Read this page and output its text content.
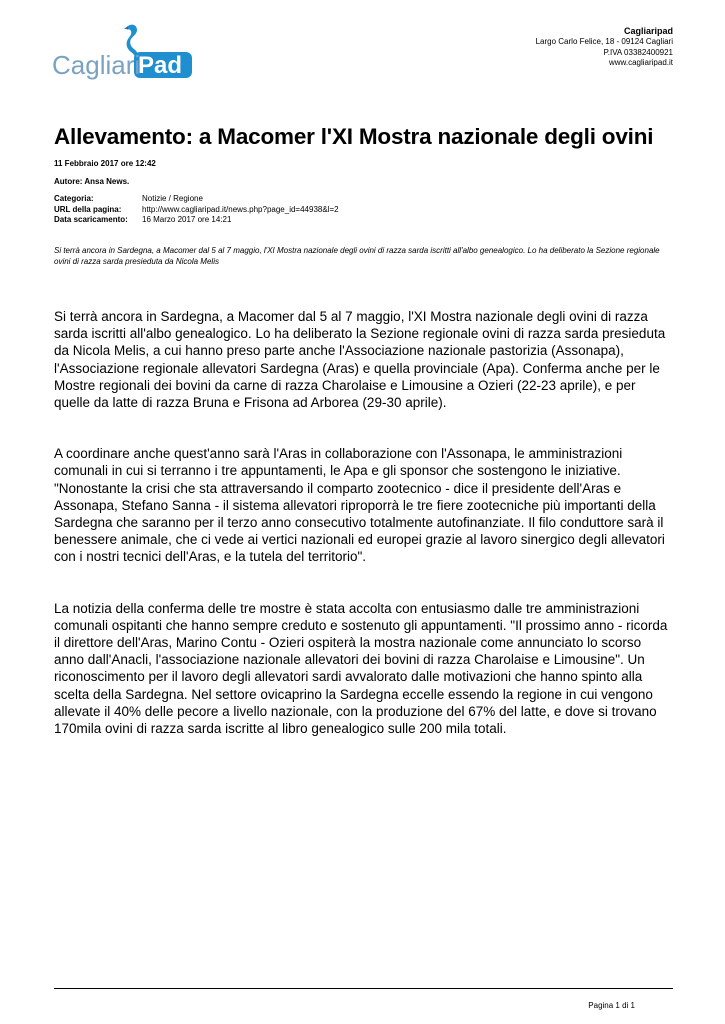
Cagliari
Pad
Cagliaripad
Largo Carlo Felice, 18 - 09124 Cagliari
P.IVA 03382400921
www.cagliaripad.it
Allevamento: a Macomer l'XI Mostra nazionale degli ovini
11 Febbraio 2017 ore 12:42
Autore: Ansa News.
Categoria:	Notizie / Regione
URL della pagina:	http://www.cagliaripad.it/news.php?page_id=44938&l=2
Data scaricamento:	16 Marzo 2017 ore 14:21
Si terrà ancora in Sardegna, a Macomer dal 5 al 7 maggio, l'XI Mostra nazionale degli ovini di razza sarda iscritti all'albo genealogico. Lo ha deliberato la Sezione regionale ovini di razza sarda presieduta da Nicola Melis

Si terrà ancora in Sardegna, a Macomer dal 5 al 7 maggio, l'XI Mostra nazionale degli ovini di razza sarda iscritti all'albo genealogico. Lo ha deliberato la Sezione regionale ovini di razza sarda presieduta da Nicola Melis, a cui hanno preso parte anche l'Associazione nazionale pastorizia (Assonapa), l'Associazione regionale allevatori Sardegna (Aras) e quella provinciale (Apa). Conferma anche per le Mostre regionali dei bovini da carne di razza Charolaise e Limousine a Ozieri (22-23 aprile), e per quelle da latte di razza Bruna e Frisona ad Arborea (29-30 aprile).

A coordinare anche quest'anno sarà l'Aras in collaborazione con l'Assonapa, le amministrazioni comunali in cui si terranno i tre appuntamenti, le Apa e gli sponsor che sostengono le iniziative. "Nonostante la crisi che sta attraversando il comparto zootecnico - dice il presidente dell'Aras e Assonapa, Stefano Sanna - il sistema allevatori riproporrà le tre fiere zootecniche più importanti della Sardegna che saranno per il terzo anno consecutivo totalmente autofinanziate. Il filo conduttore sarà il benessere animale, che ci vede ai vertici nazionali ed europei grazie al lavoro sinergico degli allevatori con i nostri tecnici dell'Aras, e la tutela del territorio".

La notizia della conferma delle tre mostre è stata accolta con entusiasmo dalle tre amministrazioni comunali ospitanti che hanno sempre creduto e sostenuto gli appuntamenti. "Il prossimo anno - ricorda il direttore dell'Aras, Marino Contu - Ozieri ospiterà la mostra nazionale come annunciato lo scorso anno dall'Anacli, l'associazione nazionale allevatori dei bovini di razza Charolaise e Limousine". Un riconoscimento per il lavoro degli allevatori sardi avvalorato dalle motivazioni che hanno spinto alla scelta della Sardegna. Nel settore ovicaprino la Sardegna eccelle essendo la regione in cui vengono allevate il 40% delle pecore a livello nazionale, con la produzione del 67% del latte, e dove si trovano 170mila ovini di razza sarda iscritte al libro genealogico sulle 200 mila totali.

Pagina 1 di 1
